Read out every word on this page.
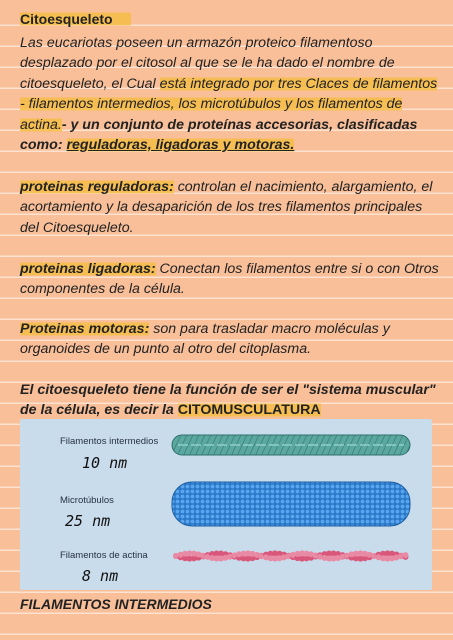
Citoesqueleto

Las eucariotas poseen un armazón proteico filamentoso desplazado por el citosol al que se le ha dado el nombre de citoesqueleto, el Cual está integrado por tres Claces de filamentos - filamentos intermedios, los microtúbulos y los filamentos de actina.- y un conjunto de proteínas accesorias, clasificadas como: reguladoras, ligadoras y motoras.

proteinas reguladoras: controlan el nacimiento, alargamiento, el acortamiento y la desaparición de los tres filamentos principales del Citoesqueleto.

proteinas ligadoras: Conectan los filamentos entre si o con Otros componentes de la célula.

Proteinas motoras: son para trasladar macro moléculas y organoides de un punto al otro del citoplasma.

El citoesqueleto tiene la función de ser el "sistema muscular" de la célula, es decir la CITOMUSCULATURA

Filamentos intermedios
10 nm
Microtúbulos
25 nm
Filamentos de actina
8 nm

FILAMENTOS INTERMEDIOS
